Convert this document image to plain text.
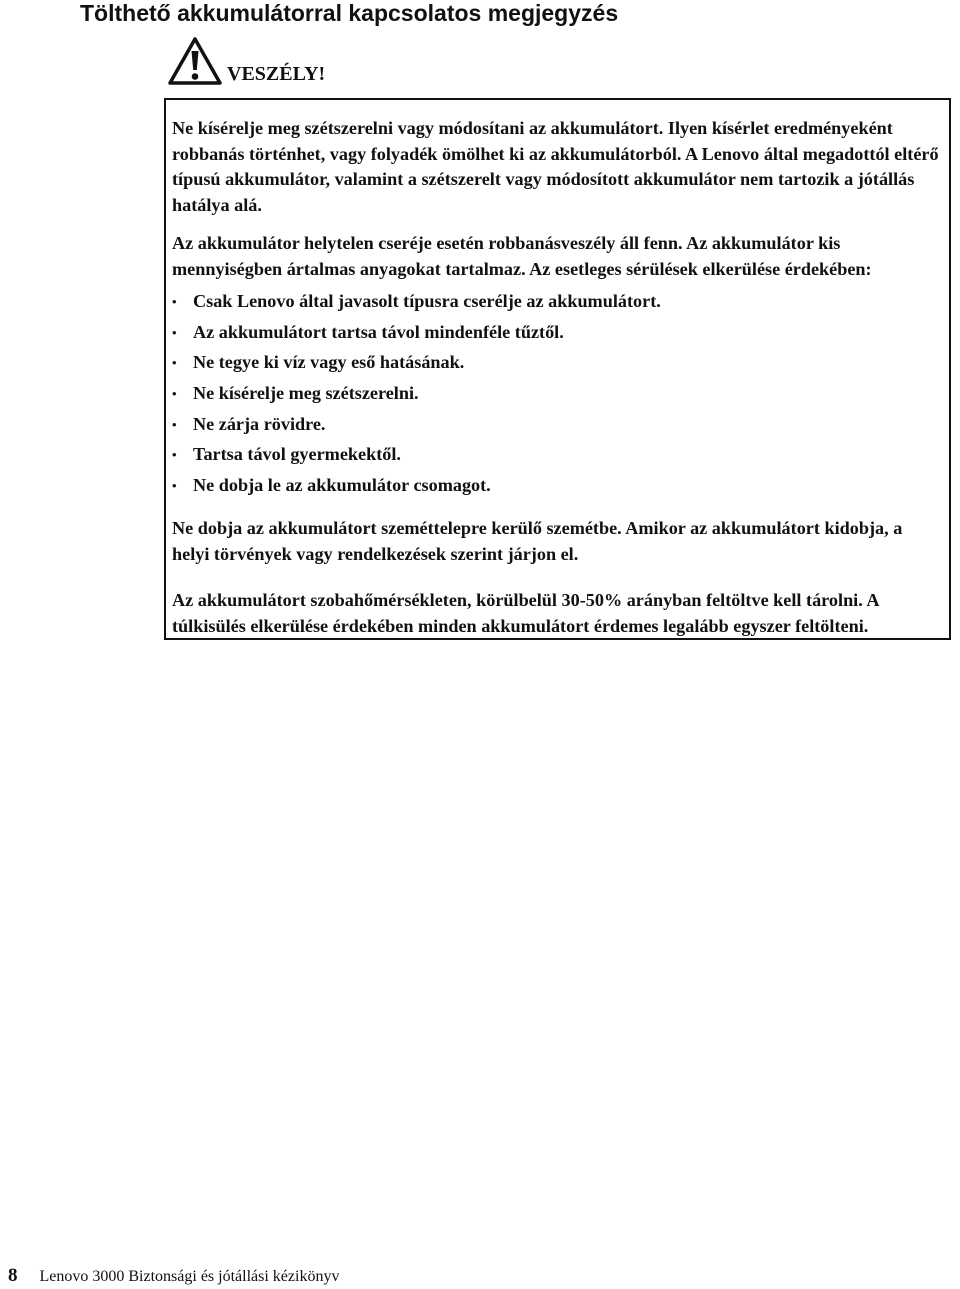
Tölthető akkumulátorral kapcsolatos megjegyzés
VESZÉLY!

Ne kísérelje meg szétszerelni vagy módosítani az akkumulátort. Ilyen kísérlet eredményeként robbanás történhet, vagy folyadék ömölhet ki az akkumulátorból. A Lenovo által megadottól eltérő típusú akkumulátor, valamint a szétszerelt vagy módosított akkumulátor nem tartozik a jótállás hatálya alá.

Az akkumulátor helytelen cseréje esetén robbanásveszély áll fenn. Az akkumulátor kis mennyiségben ártalmas anyagokat tartalmaz. Az esetleges sérülések elkerülése érdekében:

• Csak Lenovo által javasolt típusra cserélje az akkumulátort.
• Az akkumulátort tartsa távol mindenféle tűztől.
• Ne tegye ki víz vagy eső hatásának.
• Ne kísérelje meg szétszerelni.
• Ne zárja rövidre.
• Tartsa távol gyermekektől.
• Ne dobja le az akkumulátor csomagot.

Ne dobja az akkumulátort szeméttelepre kerülő szemétbe. Amikor az akkumulátort kidobja, a helyi törvények vagy rendelkezések szerint járjon el.

Az akkumulátort szobahőmérsékleten, körülbelül 30-50% arányban feltöltve kell tárolni. A túlkisülés elkerülése érdekében minden akkumulátort érdemes legalább egyszer feltölteni.

8 Lenovo 3000 Biztonsági és jótállási kézikönyv
